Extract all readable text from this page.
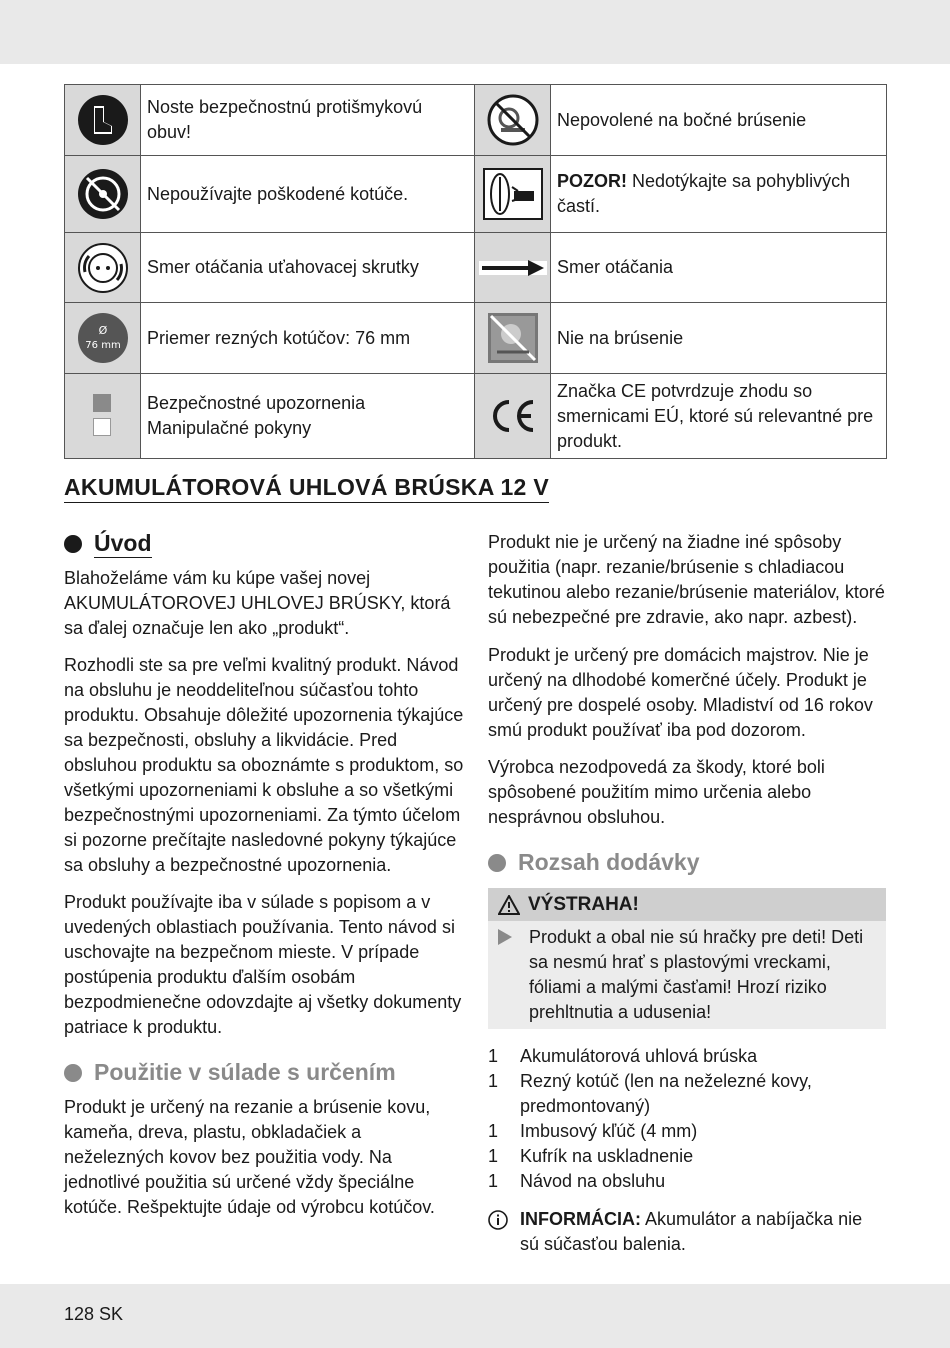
	Noste bezpečnostnú protišmykovú obuv!		Nepovolené na bočné brúsenie

	Nepoužívajte poškodené kotúče.		POZOR! Nedotýkajte sa pohyblivých častí.

	Smer otáčania uťahovacej skrutky		Smer otáčania

Ø
76 mm	Priemer rezných kotúčov: 76 mm		Nie na brúsenie

Bezpečnostné upozornenia
Manipulačné pokyny		Značka CE potvrdzuje zhodu so smernicami EÚ, ktoré sú relevantné pre produkt.
AKUMULÁTOROVÁ UHLOVÁ BRÚSKA 12 V
Úvod

Blahoželáme vám ku kúpe vašej novej AKUMULÁTOROVEJ UHLOVEJ BRÚSKY, ktorá sa ďalej označuje len ako „produkt“.

Rozhodli ste sa pre veľmi kvalitný produkt. Návod na obsluhu je neoddeliteľnou súčasťou tohto produktu. Obsahuje dôležité upozornenia týkajúce sa bezpečnosti, obsluhy a likvidácie. Pred obsluhou produktu sa oboznámte s produktom, so všetkými upozorneniami k obsluhe a so všetkými bezpečnostnými upozorneniami. Za týmto účelom si pozorne prečítajte nasledovné pokyny týkajúce sa obsluhy a bezpečnostné upozornenia.

Produkt používajte iba v súlade s popisom a v uvedených oblastiach používania. Tento návod si uschovajte na bezpečnom mieste. V prípade postúpenia produktu ďalším osobám bezpodmienečne odovzdajte aj všetky dokumenty patriace k produktu.

Použitie v súlade s určením

Produkt je určený na rezanie a brúsenie kovu, kameňa, dreva, plastu, obkladačiek a neželezných kovov bez použitia vody. Na jednotlivé použitia sú určené vždy špeciálne kotúče. Rešpektujte údaje od výrobcu kotúčov.

Produkt nie je určený na žiadne iné spôsoby použitia (napr. rezanie/brúsenie s chladiacou tekutinou alebo rezanie/brúsenie materiálov, ktoré sú nebezpečné pre zdravie, ako napr. azbest).

Produkt je určený pre domácich majstrov. Nie je určený na dlhodobé komerčné účely. Produkt je určený pre dospelé osoby. Mladiství od 16 rokov smú produkt používať iba pod dozorom.

Výrobca nezodpovedá za škody, ktoré boli spôsobené použitím mimo určenia alebo nesprávnou obsluhou.

Rozsah dodávky
VÝSTRAHA!
Produkt a obal nie sú hračky pre deti! Deti sa nesmú hrať s plastovými vreckami, fóliami a malými časťami! Hrozí riziko prehltnutia a udusenia!
1 Akumulátorová uhlová brúska
1 Rezný kotúč (len na neželezné kovy, predmontovaný)
1 Imbusový kľúč (4 mm)
1 Kufrík na uskladnenie
1 Návod na obsluhu
INFORMÁCIA: Akumulátor a nabíjačka nie sú súčasťou balenia.
128 SK
